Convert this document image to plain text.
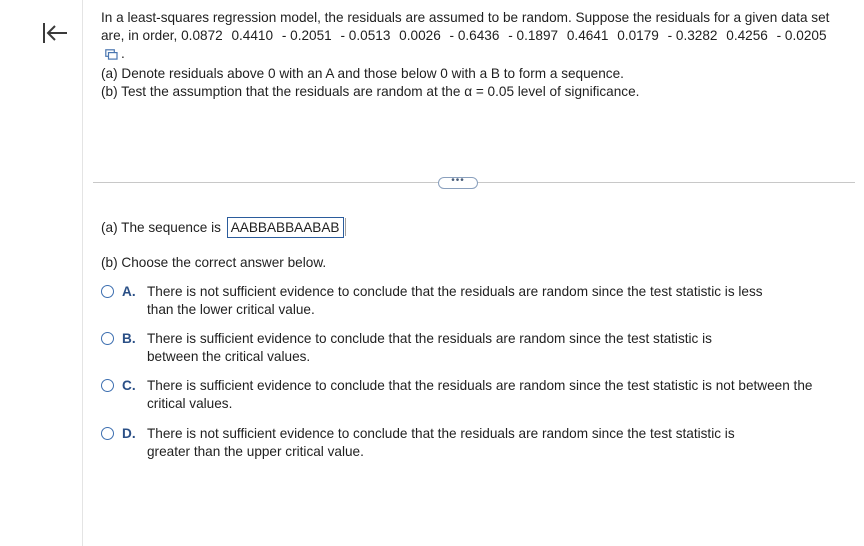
In a least-squares regression model, the residuals are assumed to be random. Suppose the residuals for a given data set are, in order, 0.0872 0.4410 - 0.2051 - 0.0513 0.0026 - 0.6436 - 0.1897 0.4641 0.0179 - 0.3282 0.4256 - 0.0205 .

(a) Denote residuals above 0 with an A and those below 0 with a B to form a sequence.

(b) Test the assumption that the residuals are random at the α = 0.05 level of significance.

•••
(a) The sequence is AABBABBAABAB
(b) Choose the correct answer below.
A. There is not sufficient evidence to conclude that the residuals are random since the test statistic is less than the lower critical value.
B. There is sufficient evidence to conclude that the residuals are random since the test statistic is between the critical values.
C. There is sufficient evidence to conclude that the residuals are random since the test statistic is not between the critical values.
D. There is not sufficient evidence to conclude that the residuals are random since the test statistic is greater than the upper critical value.
